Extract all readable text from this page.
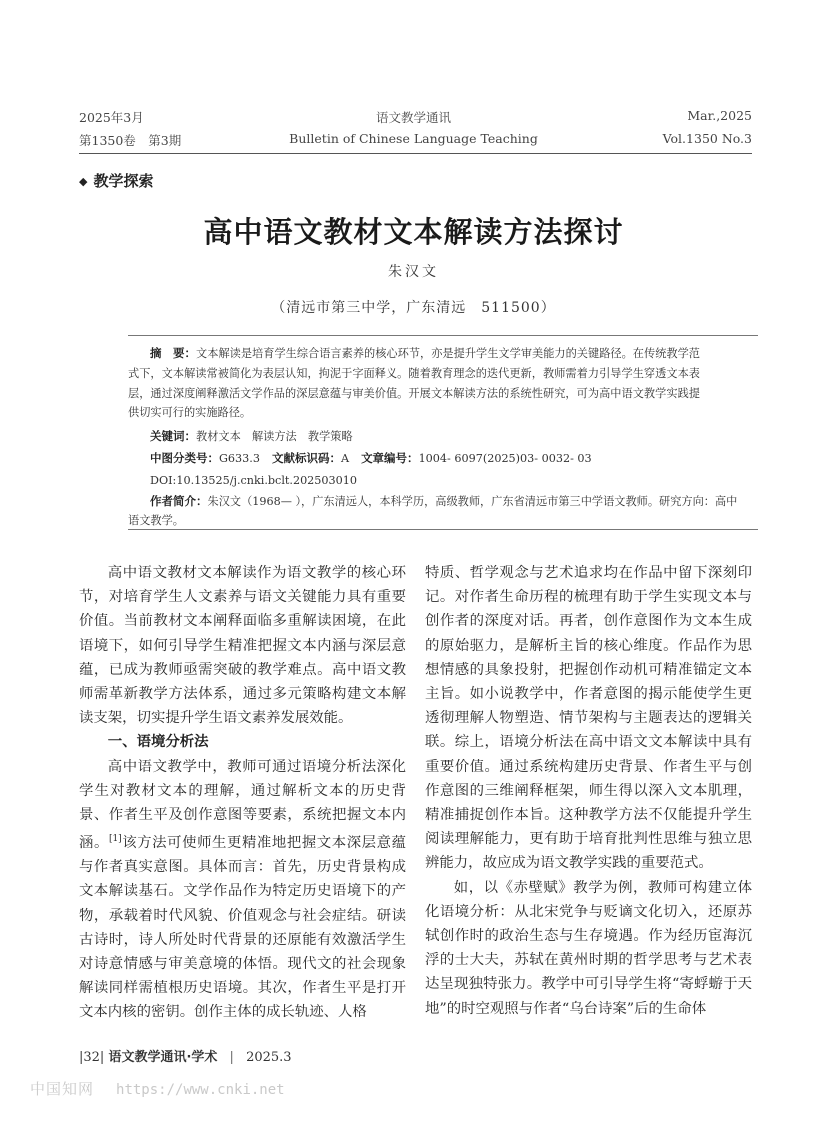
2025年3月
第1350卷　第3期
语文教学通讯
Bulletin of Chinese Language Teaching
Mar.,2025
Vol.1350 No.3
◆ 教学探索
高中语文教材文本解读方法探讨
朱汉文
（清远市第三中学，广东清远　511500）
摘　要：文本解读是培育学生综合语言素养的核心环节，亦是提升学生文学审美能力的关键路径。在传统教学范式下，文本解读常被简化为表层认知，拘泥于字面释义。随着教育理念的迭代更新，教师需着力引导学生穿透文本表层，通过深度阐释激活文学作品的深层意蕴与审美价值。开展文本解读方法的系统性研究，可为高中语文教学实践提供切实可行的实施路径。
关键词：教材文本　解读方法　教学策略
中图分类号：G633.3 文献标识码：A 文章编号：1004- 6097(2025)03- 0032- 03
DOI:10.13525/j.cnki.bclt.202503010
作者简介：朱汉文（1968— ），广东清远人，本科学历，高级教师，广东省清远市第三中学语文教师。研究方向：高中语文教学。

高中语文教材文本解读作为语文教学的核心环节，对培育学生人文素养与语文关键能力具有重要价值。当前教材文本阐释面临多重解读困境，在此语境下，如何引导学生精准把握文本内涵与深层意蕴，已成为教师亟需突破的教学难点。高中语文教师需革新教学方法体系，通过多元策略构建文本解读支架，切实提升学生语文素养发展效能。

一、语境分析法

高中语文教学中，教师可通过语境分析法深化学生对教材文本的理解，通过解析文本的历史背景、作者生平及创作意图等要素，系统把握文本内涵。[1]该方法可使师生更精准地把握文本深层意蕴与作者真实意图。具体而言：首先，历史背景构成文本解读基石。文学作品作为特定历史语境下的产物，承载着时代风貌、价值观念与社会症结。研读古诗时，诗人所处时代背景的还原能有效激活学生对诗意情感与审美意境的体悟。现代文的社会现象解读同样需植根历史语境。其次，作者生平是打开文本内核的密钥。创作主体的成长轨迹、人格

特质、哲学观念与艺术追求均在作品中留下深刻印记。对作者生命历程的梳理有助于学生实现文本与创作者的深度对话。再者，创作意图作为文本生成的原始驱力，是解析主旨的核心维度。作品作为思想情感的具象投射，把握创作动机可精准锚定文本主旨。如小说教学中，作者意图的揭示能使学生更透彻理解人物塑造、情节架构与主题表达的逻辑关联。综上，语境分析法在高中语文文本解读中具有重要价值。通过系统构建历史背景、作者生平与创作意图的三维阐释框架，师生得以深入文本肌理，精准捕捉创作本旨。这种教学方法不仅能提升学生阅读理解能力，更有助于培育批判性思维与独立思辨能力，故应成为语文教学实践的重要范式。

如，以《赤壁赋》教学为例，教师可构建立体化语境分析：从北宋党争与贬谪文化切入，还原苏轼创作时的政治生态与生存境遇。作为经历宦海沉浮的士大夫，苏轼在黄州时期的哲学思考与艺术表达呈现独特张力。教学中可引导学生将“寄蜉蝣于天地”的时空观照与作者“乌台诗案”后的生命体

|32| 语文教学通讯·学术 | 2025.3
中国知网 https://www.cnki.net
